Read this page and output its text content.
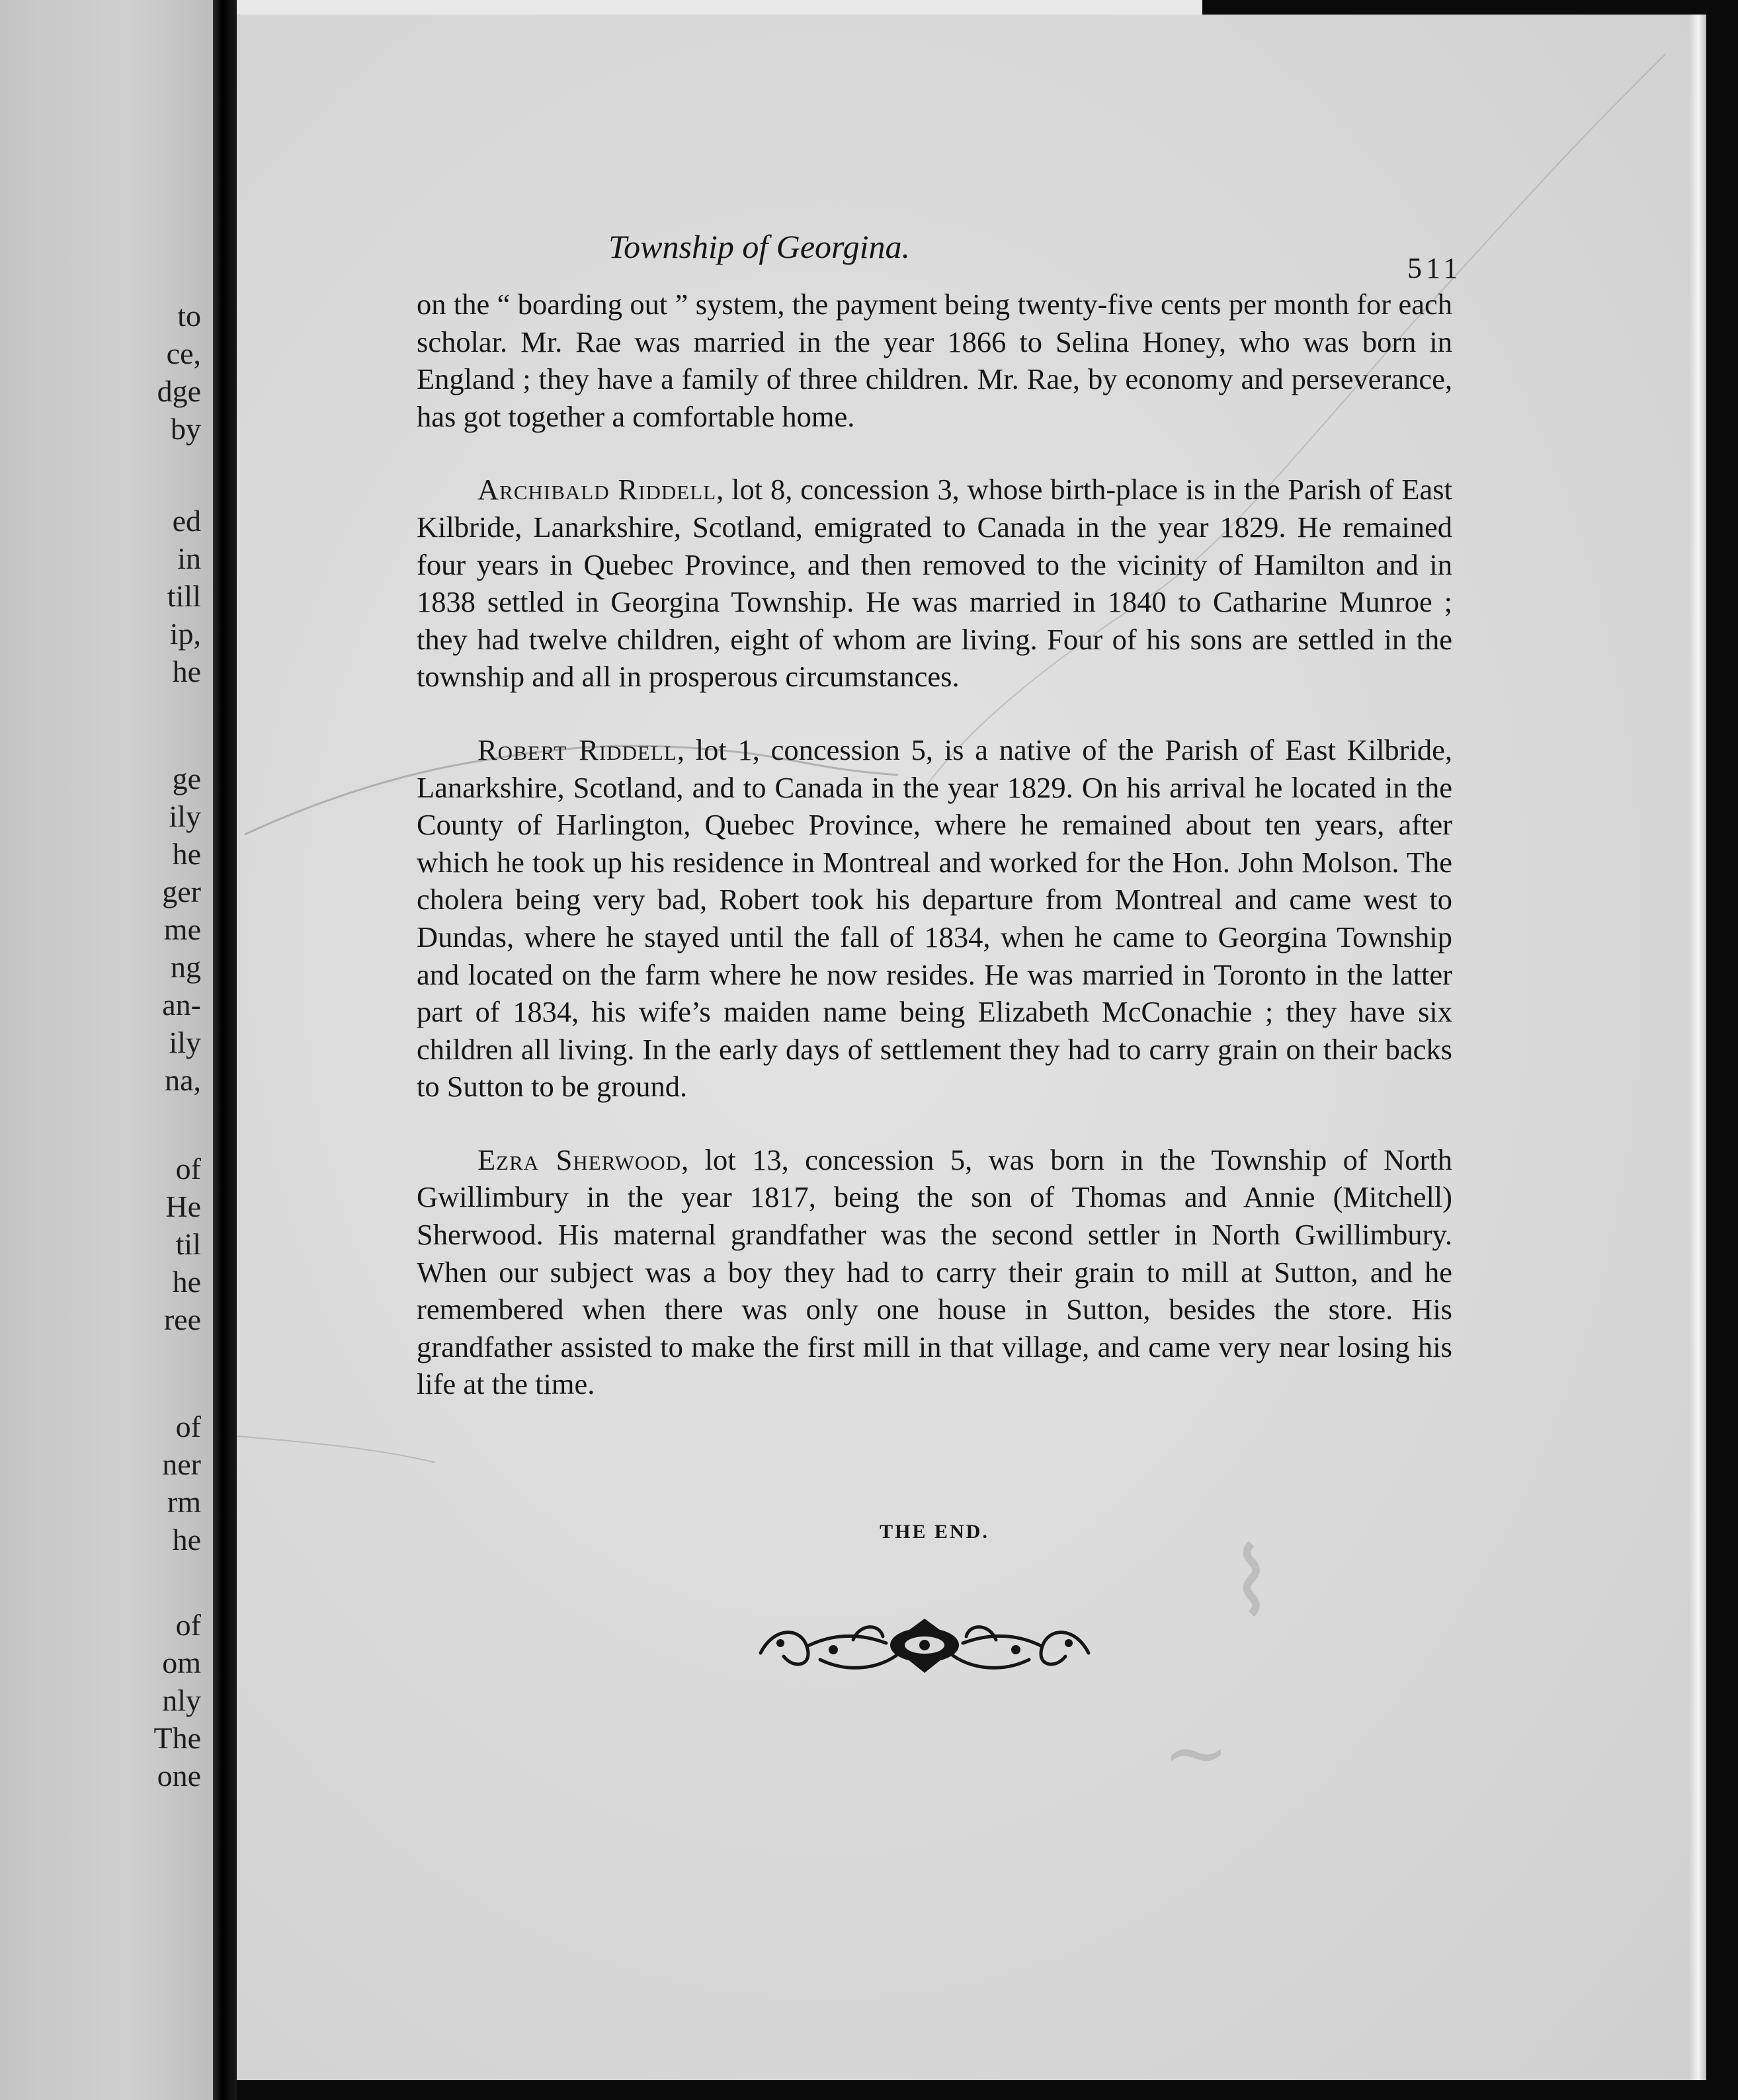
to
ce,
dge
by
ed
in
till
ip,
he
ge
ily
he
ger
me
ng
an-
ily
na,
of
He
til
he
ree
of
ner
rm
he
of
om
nly
The
one
⌇
~
Township of Georgina.
511

on the “ boarding out ” system, the payment being twenty-five cents per month for each scholar. Mr. Rae was married in the year 1866 to Selina Honey, who was born in England ; they have a family of three children. Mr. Rae, by economy and perseverance, has got together a comfortable home.

Archibald Riddell, lot 8, concession 3, whose birth-place is in the Parish of East Kilbride, Lanarkshire, Scotland, emigrated to Canada in the year 1829. He remained four years in Quebec Province, and then removed to the vicinity of Hamilton and in 1838 settled in Georgina Township. He was married in 1840 to Catharine Munroe ; they had twelve children, eight of whom are living. Four of his sons are settled in the township and all in prosperous circumstances.

Robert Riddell, lot 1, concession 5, is a native of the Parish of East Kilbride, Lanarkshire, Scotland, and to Canada in the year 1829. On his arrival he located in the County of Harlington, Quebec Province, where he remained about ten years, after which he took up his residence in Montreal and worked for the Hon. John Molson. The cholera being very bad, Robert took his departure from Montreal and came west to Dundas, where he stayed until the fall of 1834, when he came to Georgina Township and located on the farm where he now resides. He was married in Toronto in the latter part of 1834, his wife’s maiden name being Elizabeth McConachie ; they have six children all living. In the early days of settlement they had to carry grain on their backs to Sutton to be ground.

Ezra Sherwood, lot 13, concession 5, was born in the Township of North Gwillimbury in the year 1817, being the son of Thomas and Annie (Mitchell) Sherwood. His maternal grandfather was the second settler in North Gwillimbury. When our subject was a boy they had to carry their grain to mill at Sutton, and he remembered when there was only one house in Sutton, besides the store. His grandfather assisted to make the first mill in that village, and came very near losing his life at the time.

THE END.
